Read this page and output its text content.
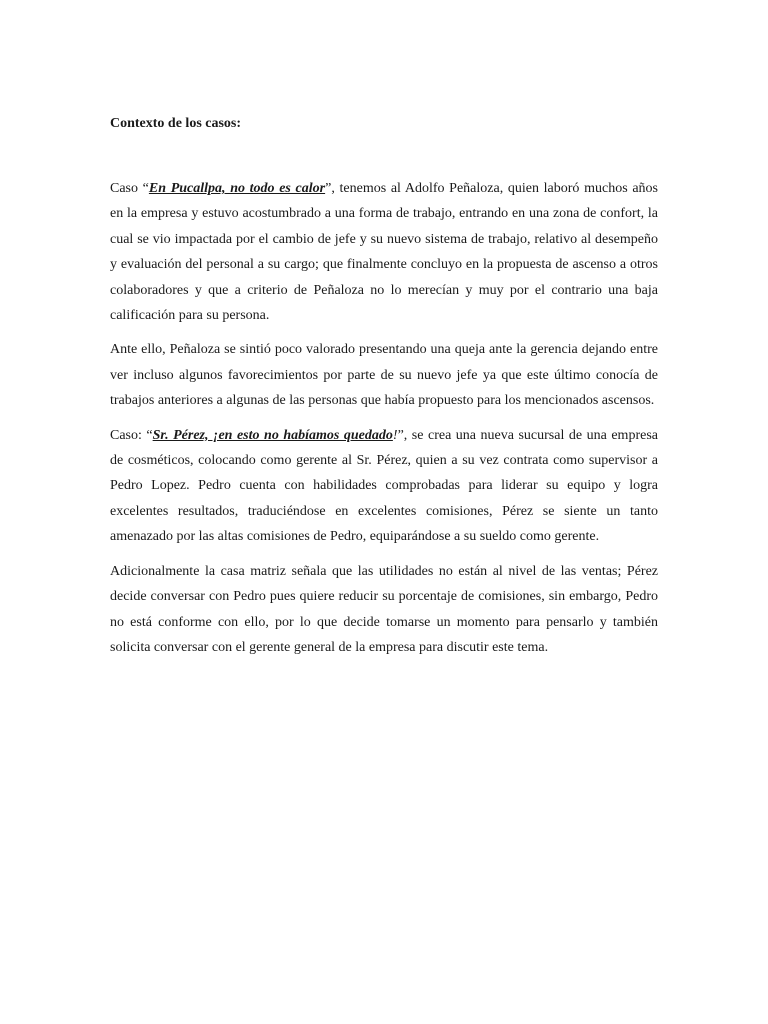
Contexto de los casos:

Caso “En Pucallpa, no todo es calor”, tenemos al Adolfo Peñaloza, quien laboró muchos años en la empresa y estuvo acostumbrado a una forma de trabajo, entrando en una zona de confort, la cual se vio impactada por el cambio de jefe y su nuevo sistema de trabajo, relativo al desempeño y evaluación del personal a su cargo; que finalmente concluyo en la propuesta de ascenso a otros colaboradores y que a criterio de Peñaloza no lo merecían y muy por el contrario una baja calificación para su persona.

Ante ello, Peñaloza se sintió poco valorado presentando una queja ante la gerencia dejando entre ver incluso algunos favorecimientos por parte de su nuevo jefe ya que este último conocía de trabajos anteriores a algunas de las personas que había propuesto para los mencionados ascensos.

Caso: “Sr. Pérez, ¡en esto no habíamos quedado!”, se crea una nueva sucursal de una empresa de cosméticos, colocando como gerente al Sr. Pérez, quien a su vez contrata como supervisor a Pedro Lopez. Pedro cuenta con habilidades comprobadas para liderar su equipo y logra excelentes resultados, traduciéndose en excelentes comisiones, Pérez se siente un tanto amenazado por las altas comisiones de Pedro, equiparándose a su sueldo como gerente.

Adicionalmente la casa matriz señala que las utilidades no están al nivel de las ventas; Pérez decide conversar con Pedro pues quiere reducir su porcentaje de comisiones, sin embargo, Pedro no está conforme con ello, por lo que decide tomarse un momento para pensarlo y también solicita conversar con el gerente general de la empresa para discutir este tema.
